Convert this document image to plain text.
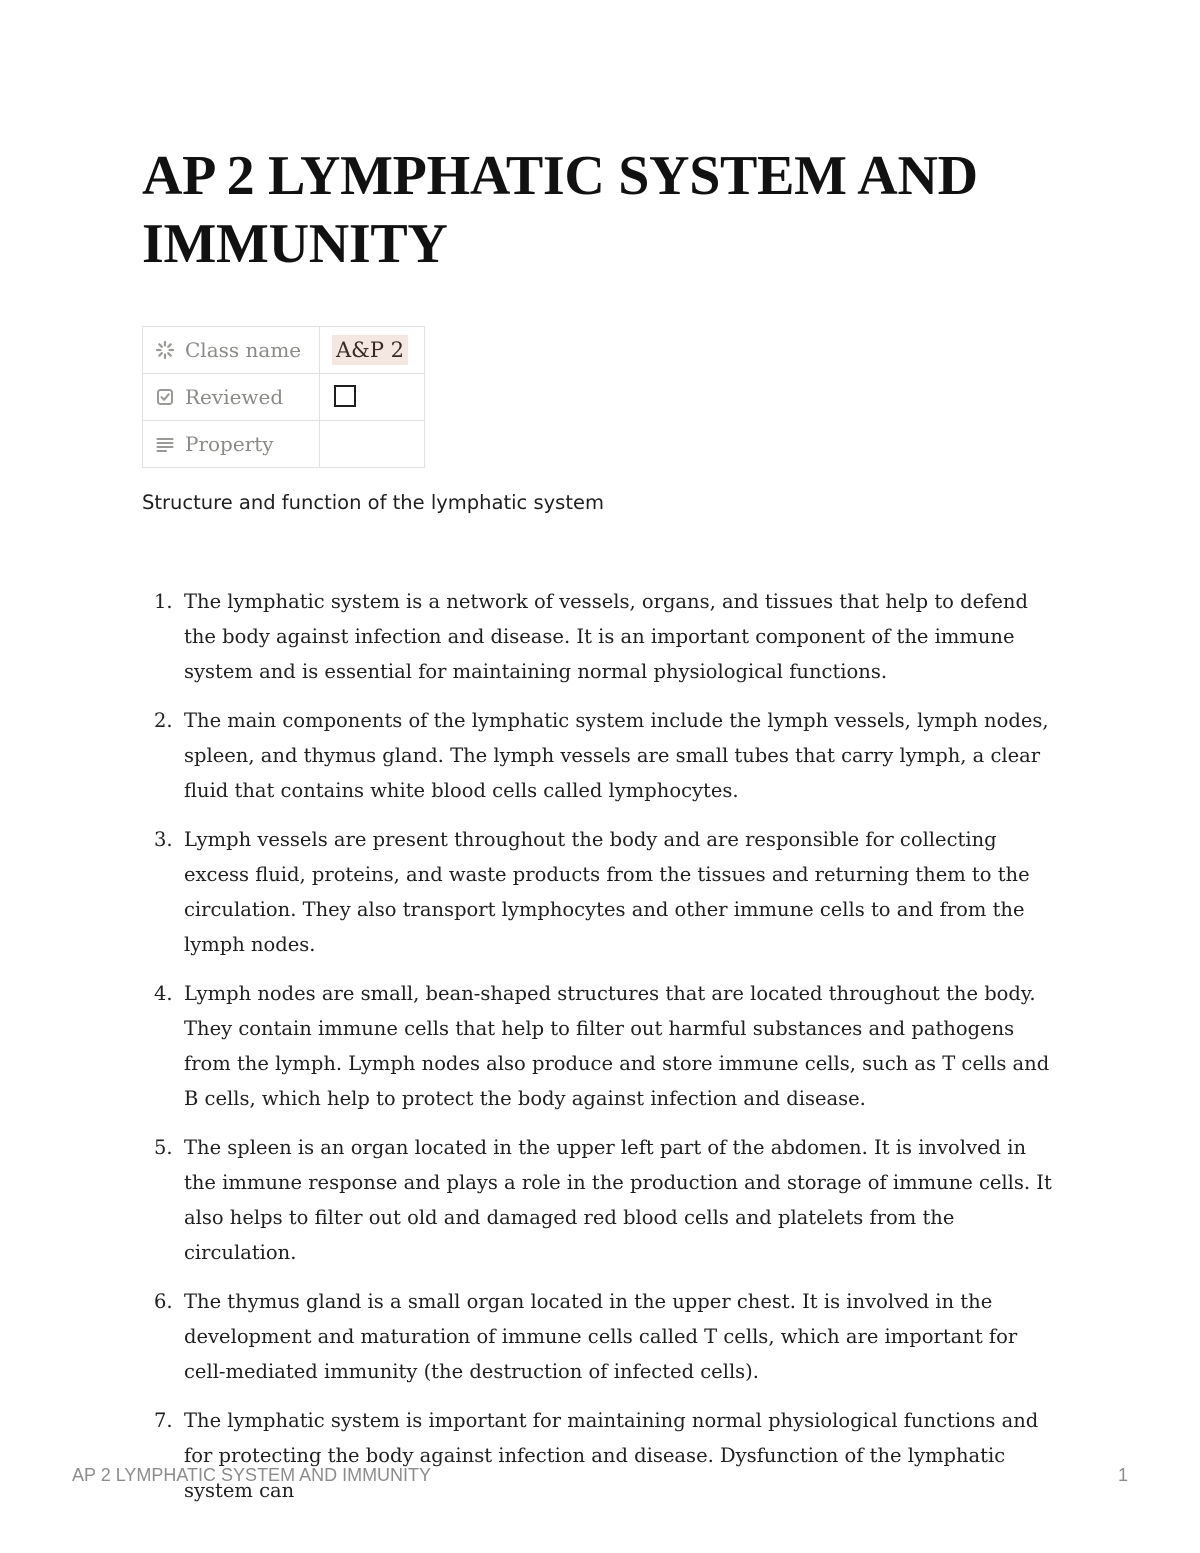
AP 2 LYMPHATIC SYSTEM AND IMMUNITY
Class name	A&P 2

Reviewed	

Property	

Structure and function of the lymphatic system
1. The lymphatic system is a network of vessels, organs, and tissues that help to defend the body against infection and disease. It is an important component of the immune system and is essential for maintaining normal physiological functions.
2. The main components of the lymphatic system include the lymph vessels, lymph nodes, spleen, and thymus gland. The lymph vessels are small tubes that carry lymph, a clear fluid that contains white blood cells called lymphocytes.
3. Lymph vessels are present throughout the body and are responsible for collecting excess fluid, proteins, and waste products from the tissues and returning them to the circulation. They also transport lymphocytes and other immune cells to and from the lymph nodes.
4. Lymph nodes are small, bean-shaped structures that are located throughout the body. They contain immune cells that help to filter out harmful substances and pathogens from the lymph. Lymph nodes also produce and store immune cells, such as T cells and B cells, which help to protect the body against infection and disease.
5. The spleen is an organ located in the upper left part of the abdomen. It is involved in the immune response and plays a role in the production and storage of immune cells. It also helps to filter out old and damaged red blood cells and platelets from the circulation.
6. The thymus gland is a small organ located in the upper chest. It is involved in the development and maturation of immune cells called T cells, which are important for cell-mediated immunity (the destruction of infected cells).
7. The lymphatic system is important for maintaining normal physiological functions and for protecting the body against infection and disease. Dysfunction of the lymphatic system can
AP 2 LYMPHATIC SYSTEM AND IMMUNITY	1
